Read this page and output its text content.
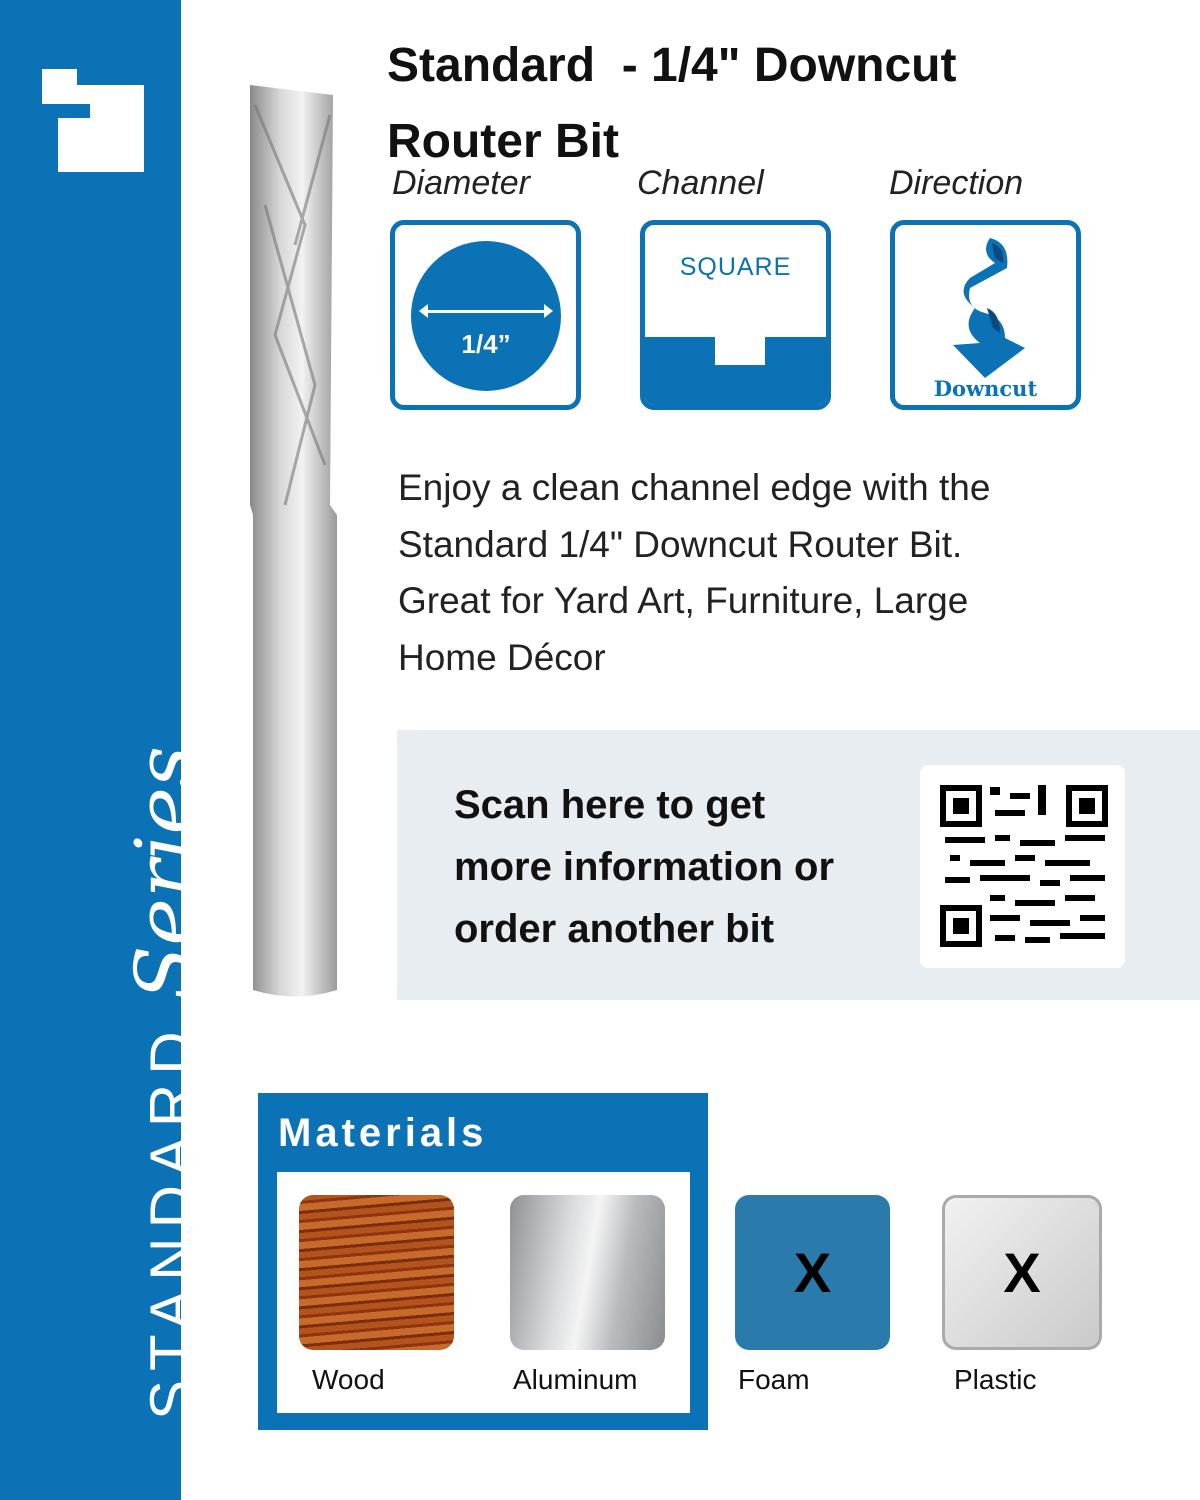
STANDARD
Series
Standard  - 1/4" Downcut
Router Bit
Diameter	Channel	Direction
1/4”
SQUARE
Downcut
Enjoy a clean channel edge with the
Standard 1/4" Downcut Router Bit.
Great for Yard Art, Furniture, Large
Home Décor
Scan here to get
more information or
order another bit
Materials
X	X
Wood	Aluminum	Foam	Plastic
